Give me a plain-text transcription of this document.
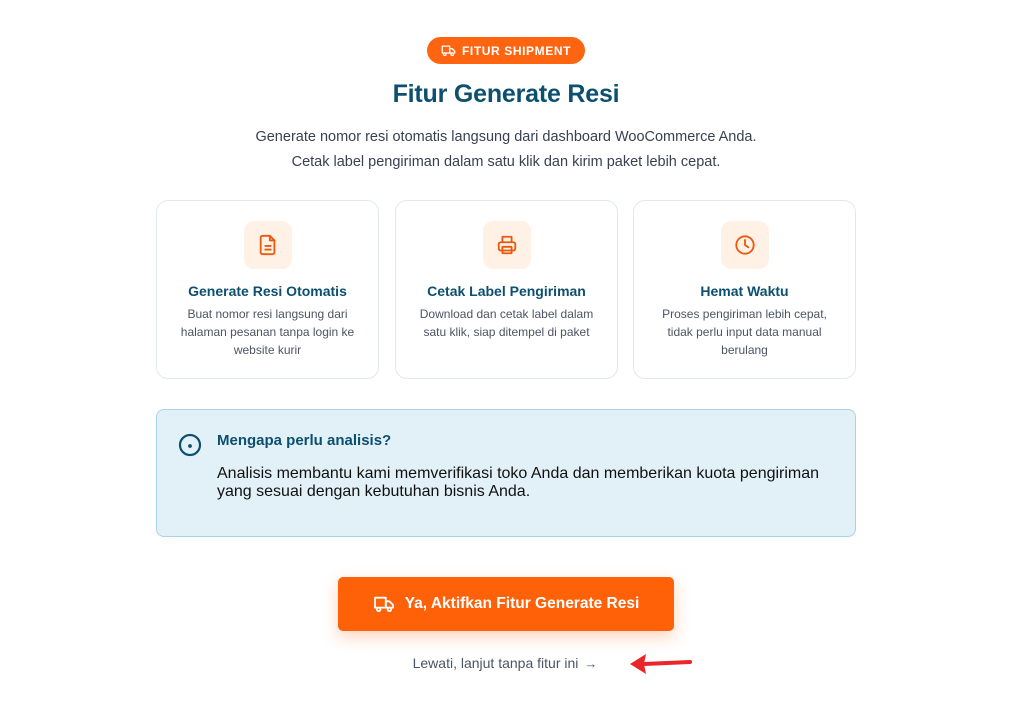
FITUR SHIPMENT
Fitur Generate Resi
Generate nomor resi otomatis langsung dari dashboard WooCommerce Anda.
Cetak label pengiriman dalam satu klik dan kirim paket lebih cepat.
Generate Resi Otomatis
Buat nomor resi langsung dari halaman pesanan tanpa login ke website kurir
Cetak Label Pengiriman
Download dan cetak label dalam satu klik, siap ditempel di paket
Hemat Waktu
Proses pengiriman lebih cepat, tidak perlu input data manual berulang
Mengapa perlu analisis?
Analisis membantu kami memverifikasi toko Anda dan memberikan kuota pengiriman yang sesuai dengan kebutuhan bisnis Anda.
Ya, Aktifkan Fitur Generate Resi
Lewati, lanjut tanpa fitur ini →
